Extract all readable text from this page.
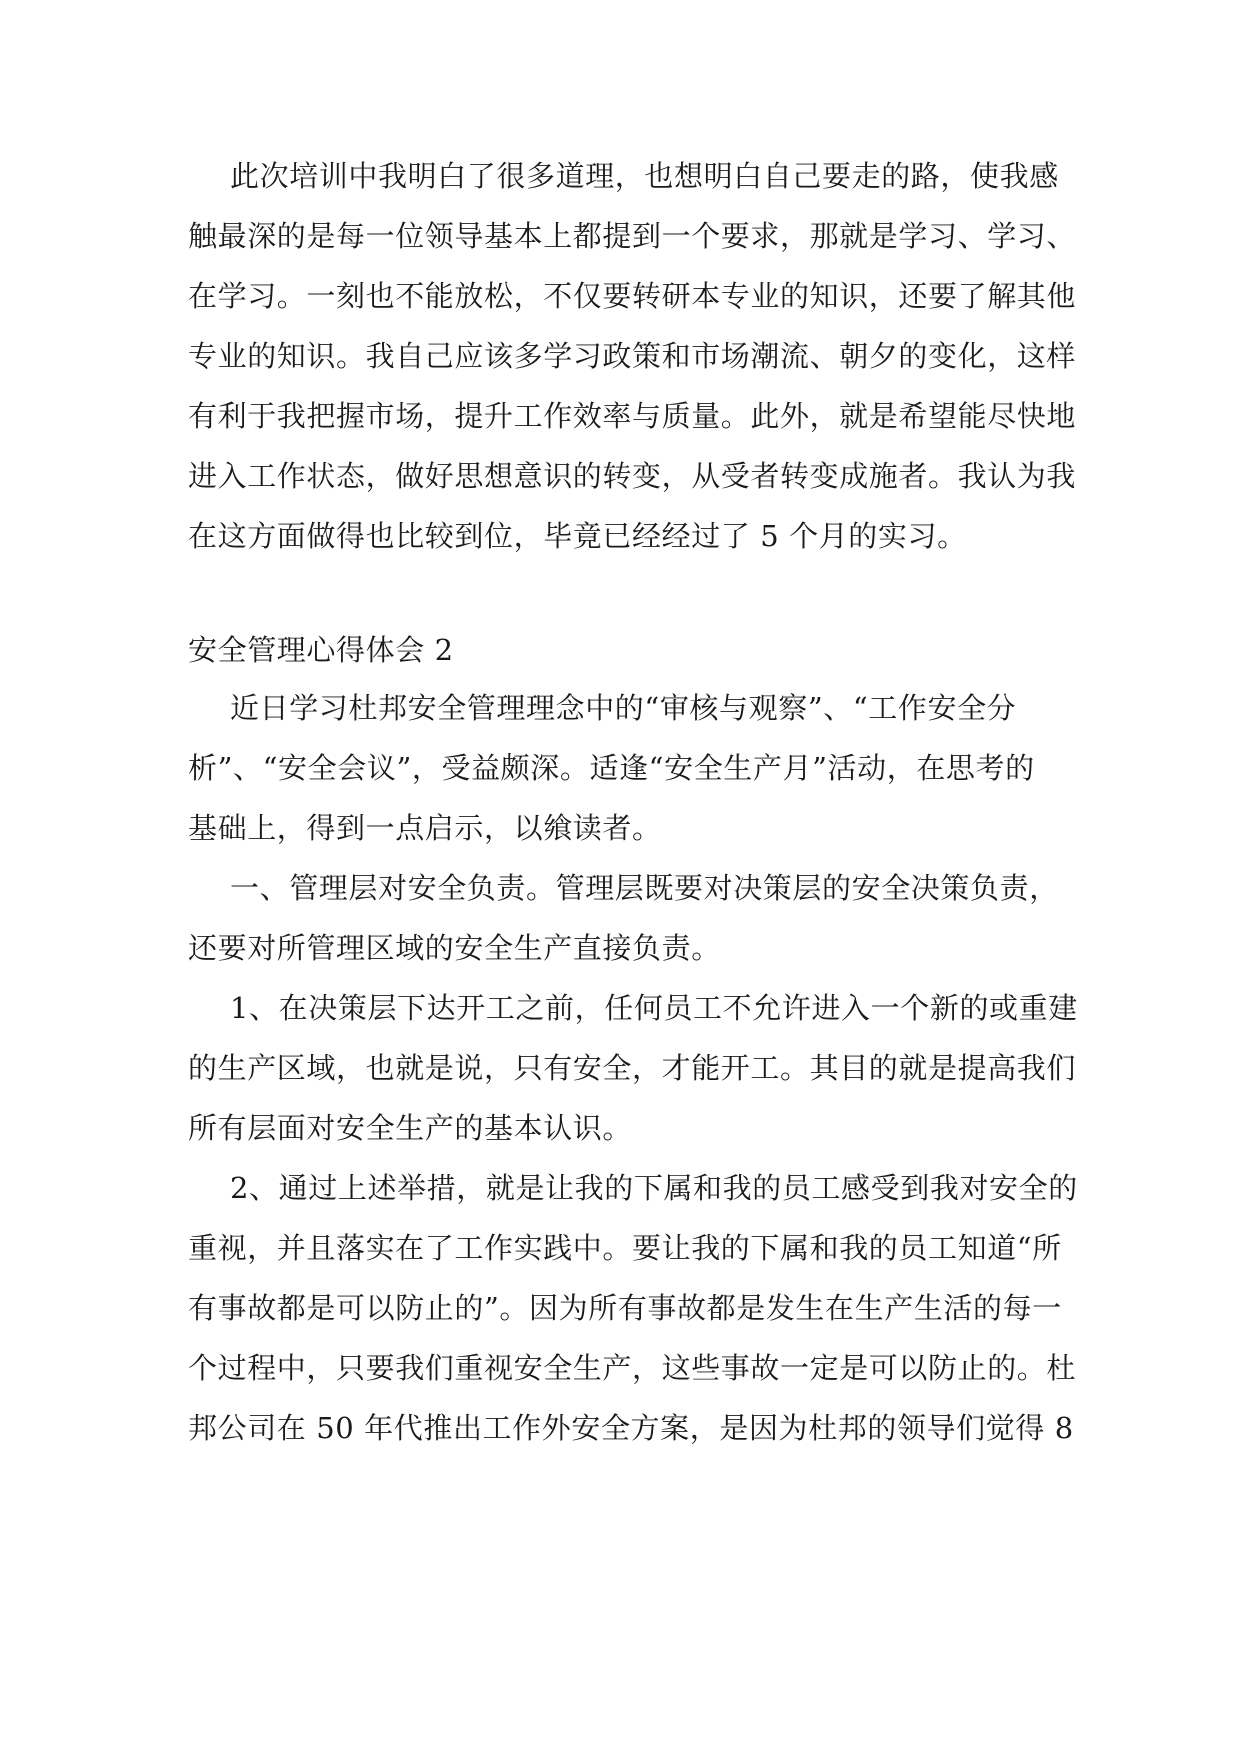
此次培训中我明白了很多道理，也想明白自己要走的路，使我感
触最深的是每一位领导基本上都提到一个要求，那就是学习、学习、
在学习。一刻也不能放松，不仅要转研本专业的知识，还要了解其他
专业的知识。我自己应该多学习政策和市场潮流、朝夕的变化，这样
有利于我把握市场，提升工作效率与质量。此外，就是希望能尽快地
进入工作状态，做好思想意识的转变，从受者转变成施者。我认为我
在这方面做得也比较到位，毕竟已经经过了 5 个月的实习。
安全管理心得体会 2
近日学习杜邦安全管理理念中的“审核与观察”、“工作安全分
析”、“安全会议”，受益颇深。适逢“安全生产月”活动，在思考的
基础上，得到一点启示，以飨读者。
一、管理层对安全负责。管理层既要对决策层的安全决策负责，
还要对所管理区域的安全生产直接负责。
1、在决策层下达开工之前，任何员工不允许进入一个新的或重建
的生产区域，也就是说，只有安全，才能开工。其目的就是提高我们
所有层面对安全生产的基本认识。
2、通过上述举措，就是让我的下属和我的员工感受到我对安全的
重视，并且落实在了工作实践中。要让我的下属和我的员工知道“所
有事故都是可以防止的”。因为所有事故都是发生在生产生活的每一
个过程中，只要我们重视安全生产，这些事故一定是可以防止的。杜
邦公司在 50 年代推出工作外安全方案，是因为杜邦的领导们觉得 8
